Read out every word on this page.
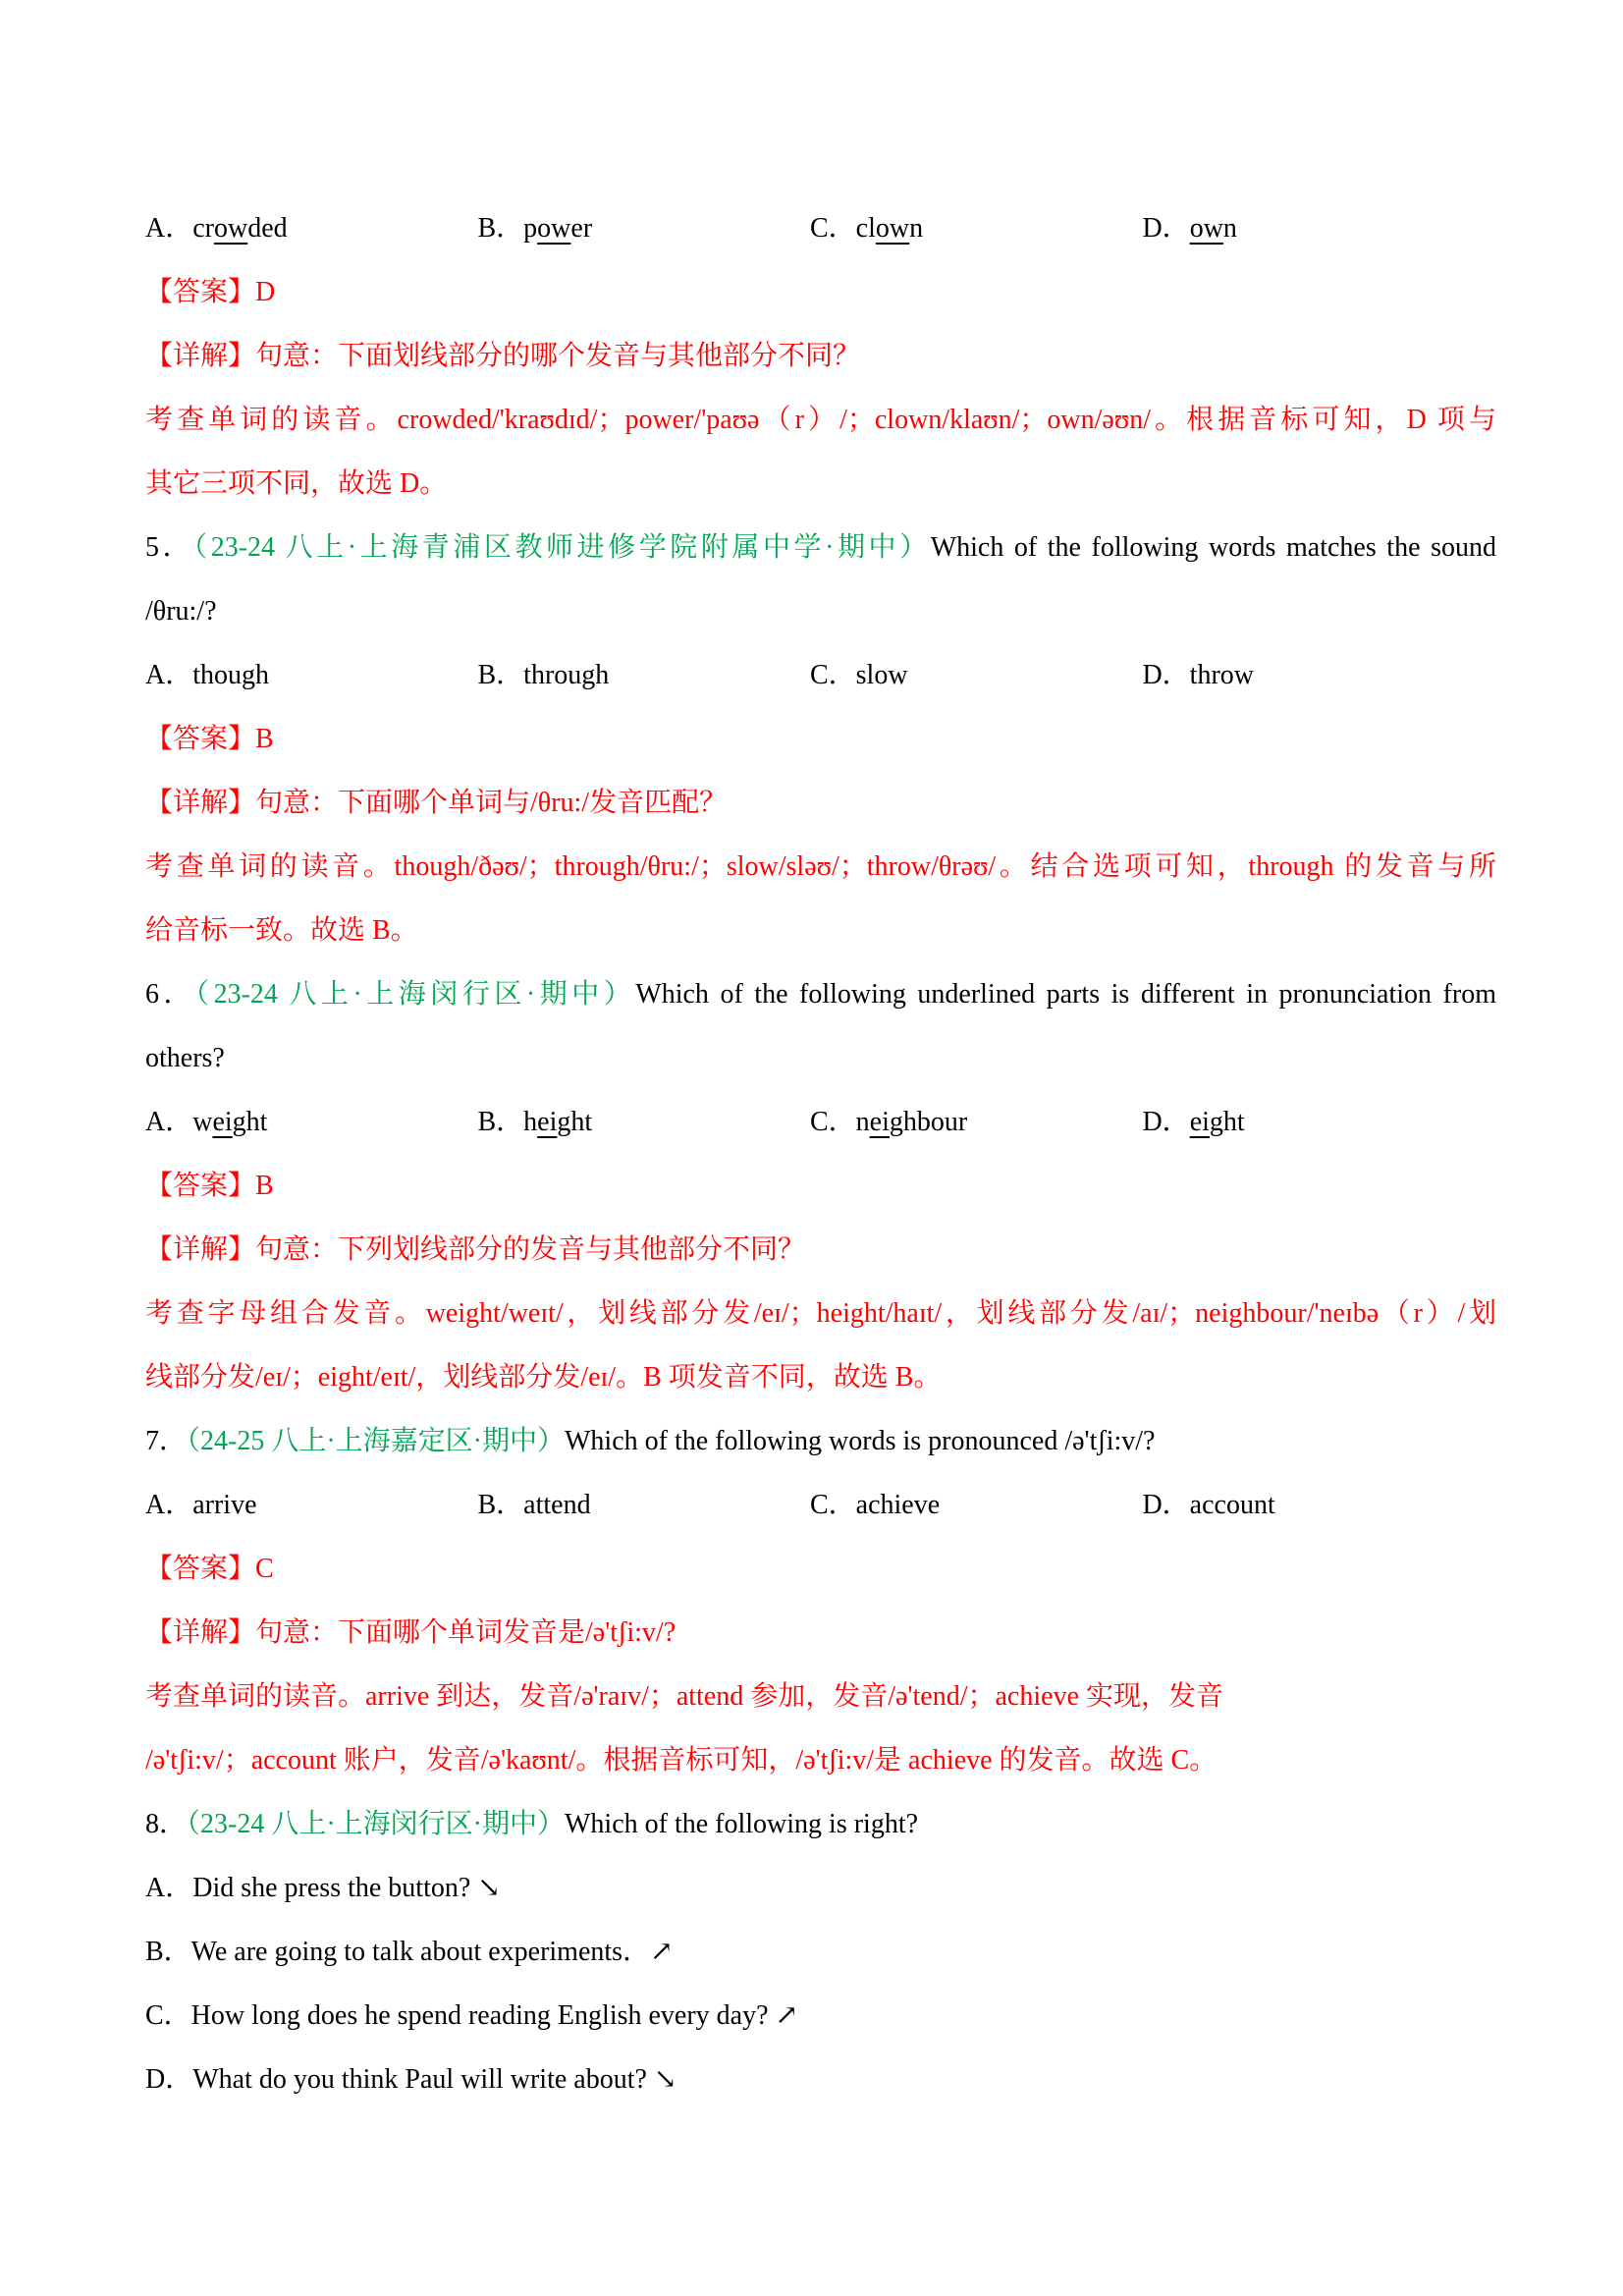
A．crowded	B．power	C．clown	D．own
【答案】D
【详解】句意：下面划线部分的哪个发音与其他部分不同？
考查单词的读音。crowded/'kraʊdɪd/；power/'paʊə（r）/；clown/klaʊn/；own/əʊn/。根据音标可知，D 项与
其它三项不同，故选 D。
5．（23-24 八上·上海青浦区教师进修学院附属中学·期中）Which of the following words matches the sound
/θru:/?
A．though	B．through	C．slow	D．throw
【答案】B
【详解】句意：下面哪个单词与/θru:/发音匹配？
考查单词的读音。though/ðəʊ/；through/θru:/；slow/sləʊ/；throw/θrəʊ/。结合选项可知，through 的发音与所
给音标一致。故选 B。
6．（23-24 八上·上海闵行区·期中）Which of the following underlined parts is different in pronunciation from
others?
A．weight	B．height	C．neighbour	D．eight
【答案】B
【详解】句意：下列划线部分的发音与其他部分不同？
考查字母组合发音。weight/weɪt/，划线部分发/eɪ/；height/haɪt/，划线部分发/aɪ/；neighbour/'neɪbə（r）/划
线部分发/eɪ/；eight/eɪt/，划线部分发/eɪ/。B 项发音不同，故选 B。
7．（24-25 八上·上海嘉定区·期中）Which of the following words is pronounced /ə'tʃi:v/?
A．arrive	B．attend	C．achieve	D．account
【答案】C
【详解】句意：下面哪个单词发音是/ə'tʃi:v/?
考查单词的读音。arrive 到达，发音/ə'raɪv/；attend 参加，发音/ə'tend/；achieve 实现，发音
/ə'tʃi:v/；account 账户，发音/ə'kaʊnt/。根据音标可知，/ə'tʃi:v/是 achieve 的发音。故选 C。
8．（23-24 八上·上海闵行区·期中）Which of the following is right?
A．Did she press the button? ↘
B．We are going to talk about experiments．↗
C．How long does he spend reading English every day? ↗
D．What do you think Paul will write about? ↘
